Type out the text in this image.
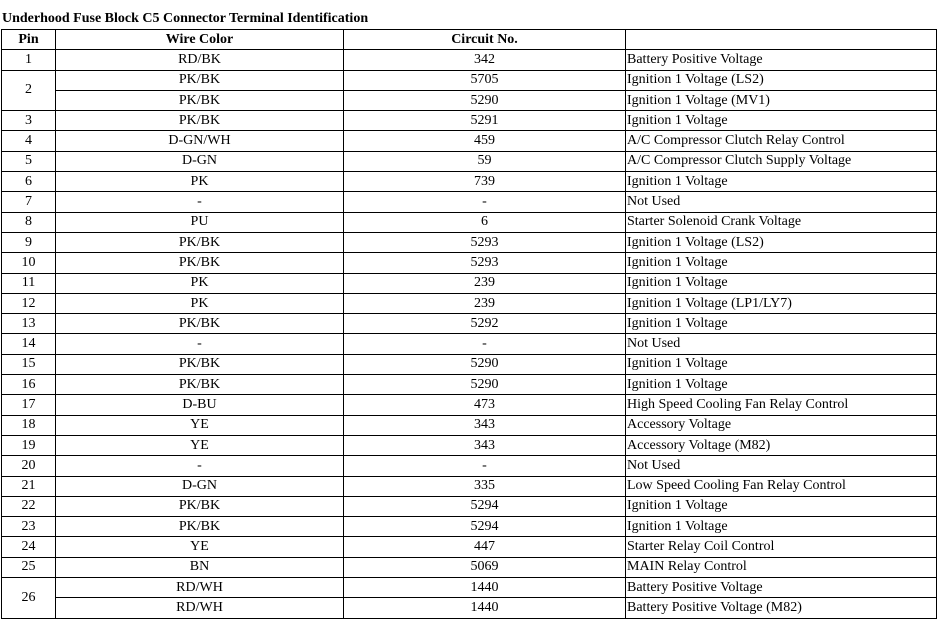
Underhood Fuse Block C5 Connector Terminal Identification
Pin	Wire Color	Circuit No.	
1	RD/BK	342	Battery Positive Voltage
2	PK/BK	5705	Ignition 1 Voltage (LS2)
	PK/BK	5290	Ignition 1 Voltage (MV1)
3	PK/BK	5291	Ignition 1 Voltage
4	D-GN/WH	459	A/C Compressor Clutch Relay Control
5	D-GN	59	A/C Compressor Clutch Supply Voltage
6	PK	739	Ignition 1 Voltage
7	-	-	Not Used
8	PU	6	Starter Solenoid Crank Voltage
9	PK/BK	5293	Ignition 1 Voltage (LS2)
10	PK/BK	5293	Ignition 1 Voltage
11	PK	239	Ignition 1 Voltage
12	PK	239	Ignition 1 Voltage (LP1/LY7)
13	PK/BK	5292	Ignition 1 Voltage
14	-	-	Not Used
15	PK/BK	5290	Ignition 1 Voltage
16	PK/BK	5290	Ignition 1 Voltage
17	D-BU	473	High Speed Cooling Fan Relay Control
18	YE	343	Accessory Voltage
19	YE	343	Accessory Voltage (M82)
20	-	-	Not Used
21	D-GN	335	Low Speed Cooling Fan Relay Control
22	PK/BK	5294	Ignition 1 Voltage
23	PK/BK	5294	Ignition 1 Voltage
24	YE	447	Starter Relay Coil Control
25	BN	5069	MAIN Relay Control
26	RD/WH	1440	Battery Positive Voltage
	RD/WH	1440	Battery Positive Voltage (M82)
